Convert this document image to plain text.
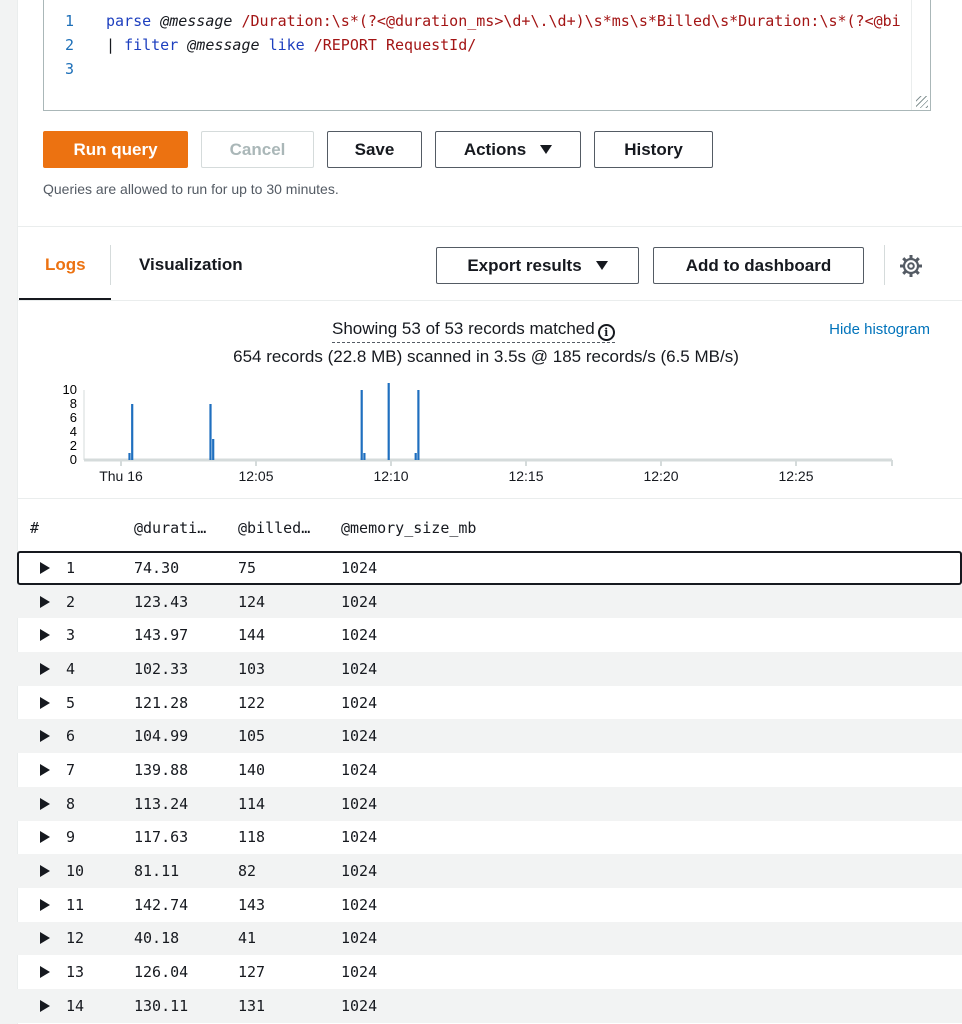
1
2
3
parse @message /Duration:\s*(?<@duration_ms>\d+\.\d+)\s*ms\s*Billed\s*Duration:\s*(?<@bi
| filter @message like /REPORT RequestId/
Run query	Cancel	Save	Actions	History
Queries are allowed to run for up to 30 minutes.
Logs	Visualization	Export results	Add to dashboard
Showing 53 of 53 records matched i
654 records (22.8 MB) scanned in 3.5s @ 185 records/s (6.5 MB/s)
Hide histogram
10
8
6
4
2
0
Thu 16	12:05	12:10	12:15	12:20	12:25
#	@durati… @billed… @memory_size_mb
1	74.30	75	1024
2	123.43	124	1024
3	143.97	144	1024
4	102.33	103	1024
5	121.28	122	1024
6	104.99	105	1024
7	139.88	140	1024
8	113.24	114	1024
9	117.63	118	1024
10	81.11	82	1024
11	142.74	143	1024
12	40.18	41	1024
13	126.04	127	1024
14	130.11	131	1024
